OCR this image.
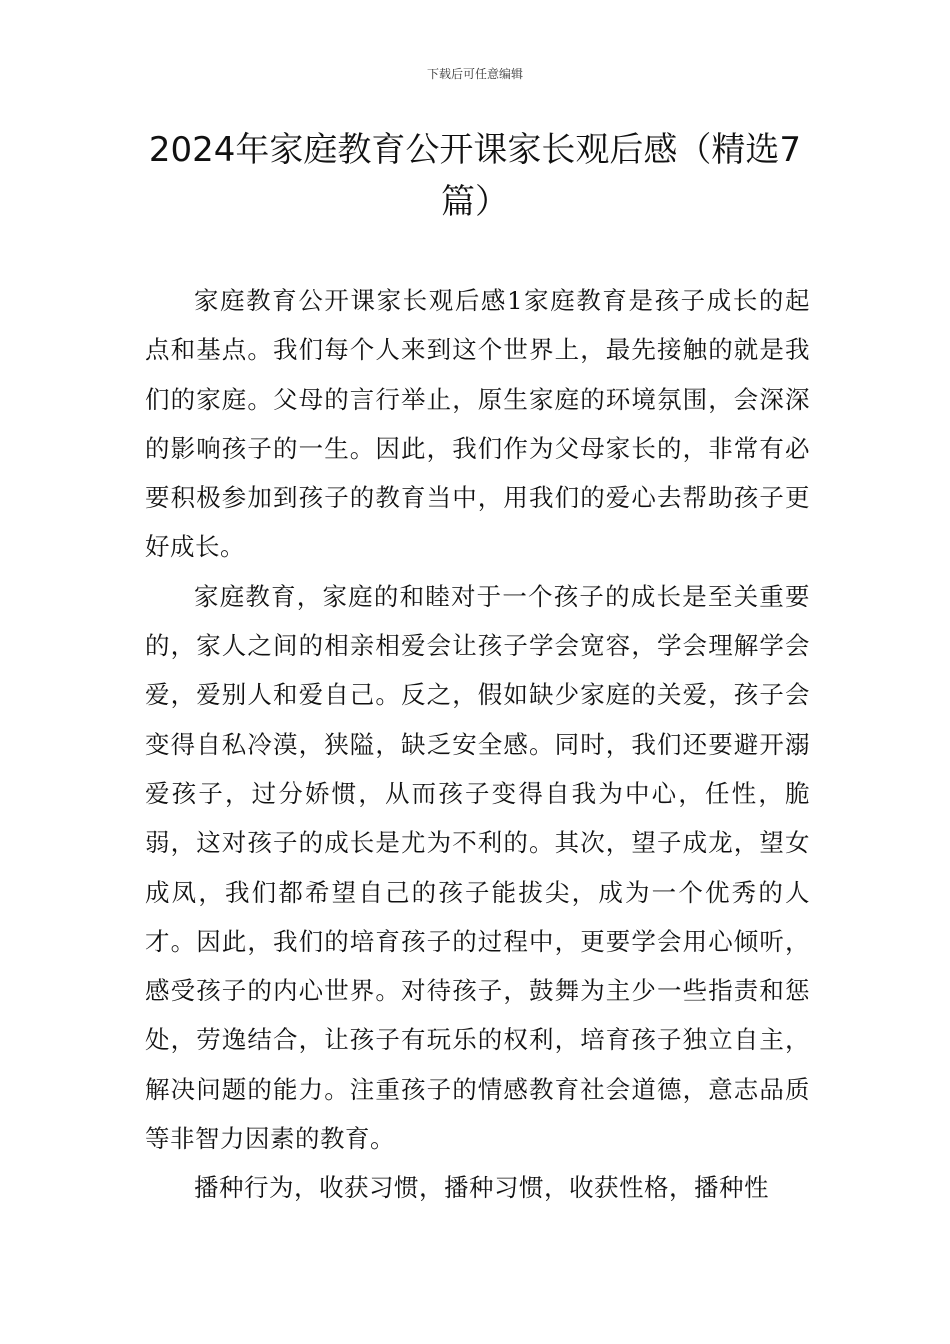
下载后可任意编辑
2024年家庭教育公开课家长观后感（精选7篇）

家庭教育公开课家长观后感1家庭教育是孩子成长的起点和基点。我们每个人来到这个世界上，最先接触的就是我们的家庭。父母的言行举止，原生家庭的环境氛围，会深深的影响孩子的一生。因此，我们作为父母家长的，非常有必要积极参加到孩子的教育当中，用我们的爱心去帮助孩子更好成长。

家庭教育，家庭的和睦对于一个孩子的成长是至关重要的，家人之间的相亲相爱会让孩子学会宽容，学会理解学会爱，爱别人和爱自己。反之，假如缺少家庭的关爱，孩子会变得自私冷漠，狭隘，缺乏安全感。同时，我们还要避开溺爱孩子，过分娇惯，从而孩子变得自我为中心，任性，脆弱，这对孩子的成长是尤为不利的。其次，望子成龙，望女成凤，我们都希望自己的孩子能拔尖，成为一个优秀的人才。因此，我们的培育孩子的过程中，更要学会用心倾听，感受孩子的内心世界。对待孩子，鼓舞为主少一些指责和惩处，劳逸结合，让孩子有玩乐的权利，培育孩子独立自主，解决问题的能力。注重孩子的情感教育社会道德，意志品质等非智力因素的教育。

播种行为，收获习惯，播种习惯，收获性格，播种性
